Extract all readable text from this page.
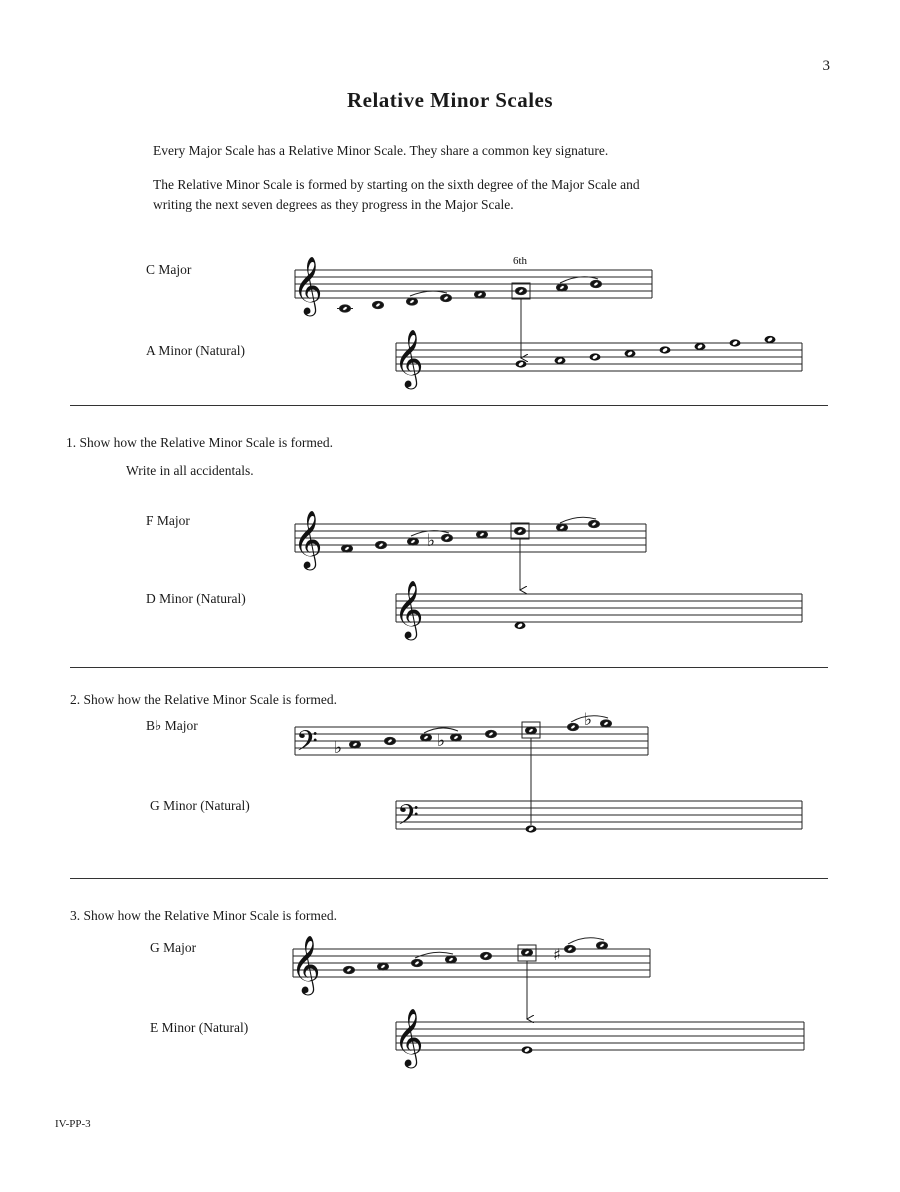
3
Relative Minor Scales
Every Major Scale has a Relative Minor Scale. They share a common key signature.
The Relative Minor Scale is formed by starting on the sixth degree of the Major Scale and
writing the next seven degrees as they progress in the Major Scale.
C Major
A Minor (Natural)
1. Show how the Relative Minor Scale is formed.
Write in all accidentals.
F Major
D Minor (Natural)
2. Show how the Relative Minor Scale is formed.
B♭ Major
G Minor (Natural)
3. Show how the Relative Minor Scale is formed.
G Major
E Minor (Natural)
IV-PP-3
𝄞	6th
𝄞
𝄞	♭
𝄞
𝄢 ♭	♭
♭
𝄢
𝄞	♯
𝄞
